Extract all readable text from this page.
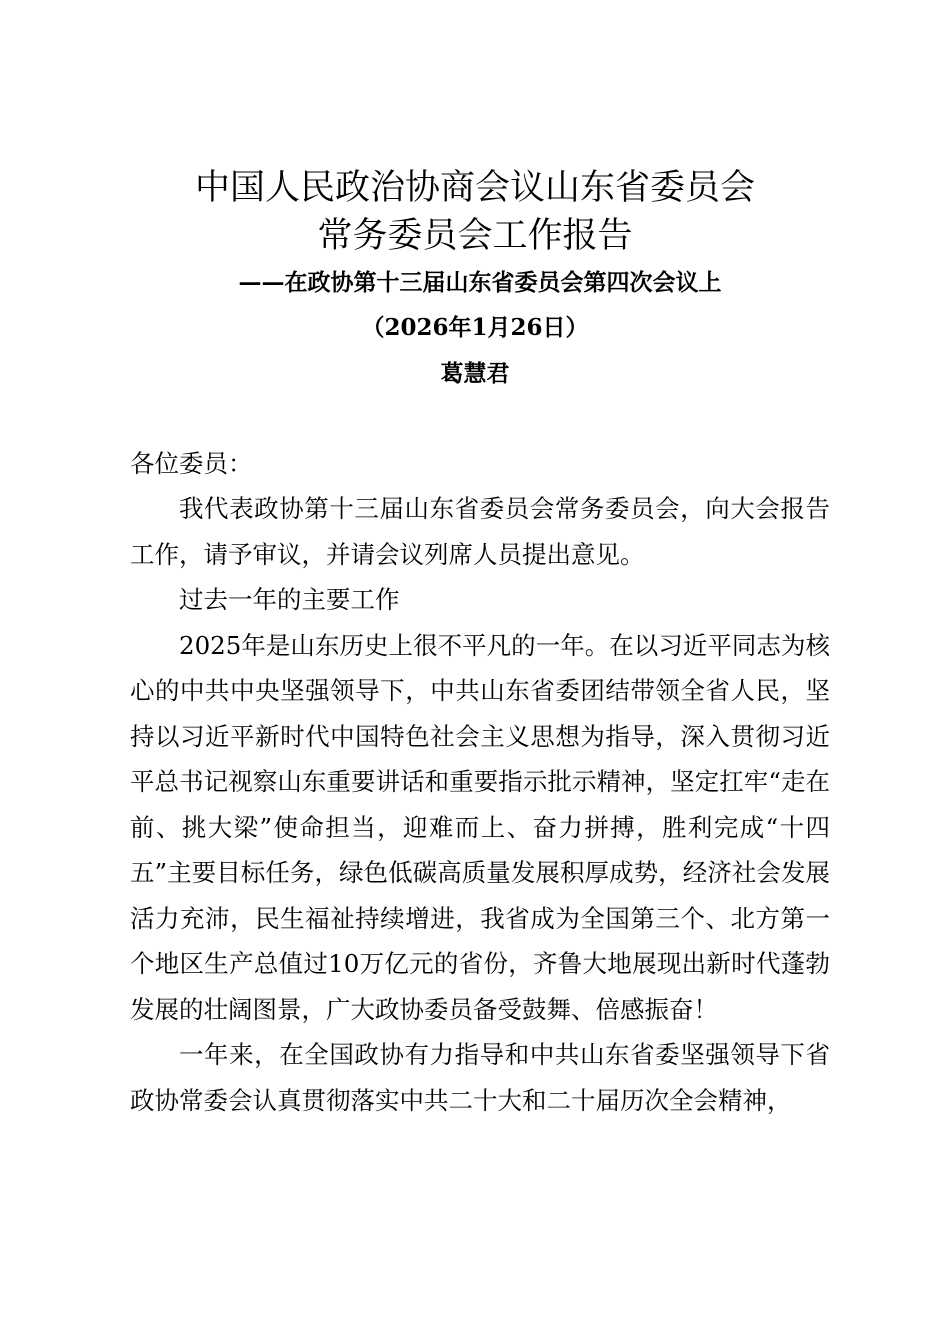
中国人民政治协商会议山东省委员会
常务委员会工作报告
——在政协第十三届山东省委员会第四次会议上
（2026年1月26日）
葛慧君
各位委员：

我代表政协第十三届山东省委员会常务委员会，向大会报告工作，请予审议，并请会议列席人员提出意见。

过去一年的主要工作

2025年是山东历史上很不平凡的一年。在以习近平同志为核心的中共中央坚强领导下，中共山东省委团结带领全省人民，坚持以习近平新时代中国特色社会主义思想为指导，深入贯彻习近平总书记视察山东重要讲话和重要指示批示精神，坚定扛牢“走在前、挑大梁”使命担当，迎难而上、奋力拼搏，胜利完成“十四五”主要目标任务，绿色低碳高质量发展积厚成势，经济社会发展活力充沛，民生福祉持续增进，我省成为全国第三个、北方第一个地区生产总值过10万亿元的省份，齐鲁大地展现出新时代蓬勃发展的壮阔图景，广大政协委员备受鼓舞、倍感振奋！

一年来，在全国政协有力指导和中共山东省委坚强领导下省政协常委会认真贯彻落实中共二十大和二十届历次全会精神，
